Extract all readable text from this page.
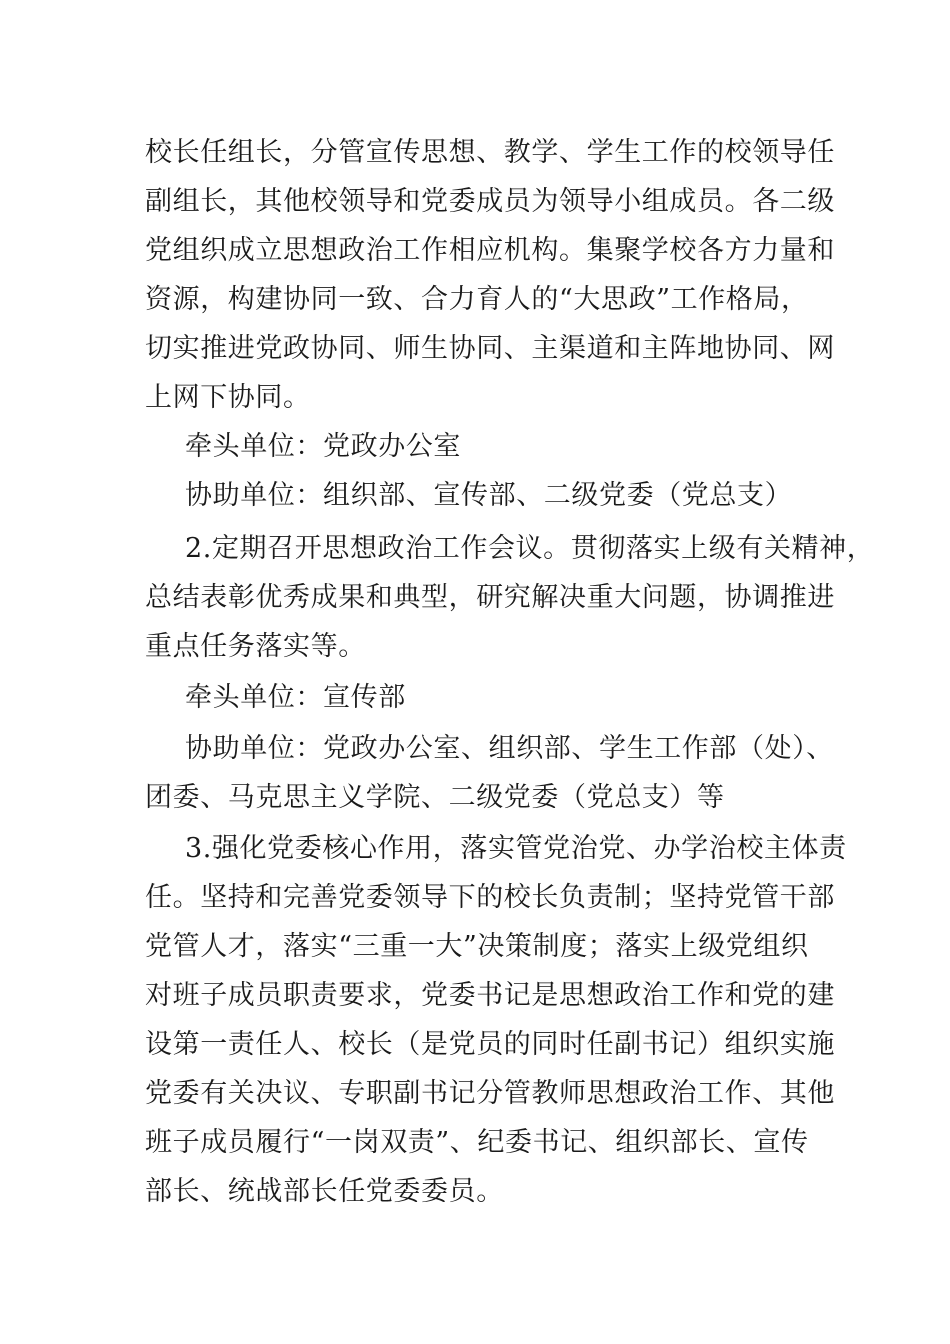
校长任组长，分管宣传思想、教学、学生工作的校领导任
副组长，其他校领导和党委成员为领导小组成员。各二级
党组织成立思想政治工作相应机构。集聚学校各方力量和
资源，构建协同一致、合力育人的“大思政”工作格局，
切实推进党政协同、师生协同、主渠道和主阵地协同、网
上网下协同。
牵头单位：党政办公室
协助单位：组织部、宣传部、二级党委（党总支）
2.定期召开思想政治工作会议。贯彻落实上级有关精神，
总结表彰优秀成果和典型，研究解决重大问题，协调推进
重点任务落实等。
牵头单位：宣传部
协助单位：党政办公室、组织部、学生工作部（处）、
团委、马克思主义学院、二级党委（党总支）等
3.强化党委核心作用，落实管党治党、办学治校主体责
任。坚持和完善党委领导下的校长负责制；坚持党管干部
党管人才，落实“三重一大”决策制度；落实上级党组织
对班子成员职责要求，党委书记是思想政治工作和党的建
设第一责任人、校长（是党员的同时任副书记）组织实施
党委有关决议、专职副书记分管教师思想政治工作、其他
班子成员履行“一岗双责”、纪委书记、组织部长、宣传
部长、统战部长任党委委员。
